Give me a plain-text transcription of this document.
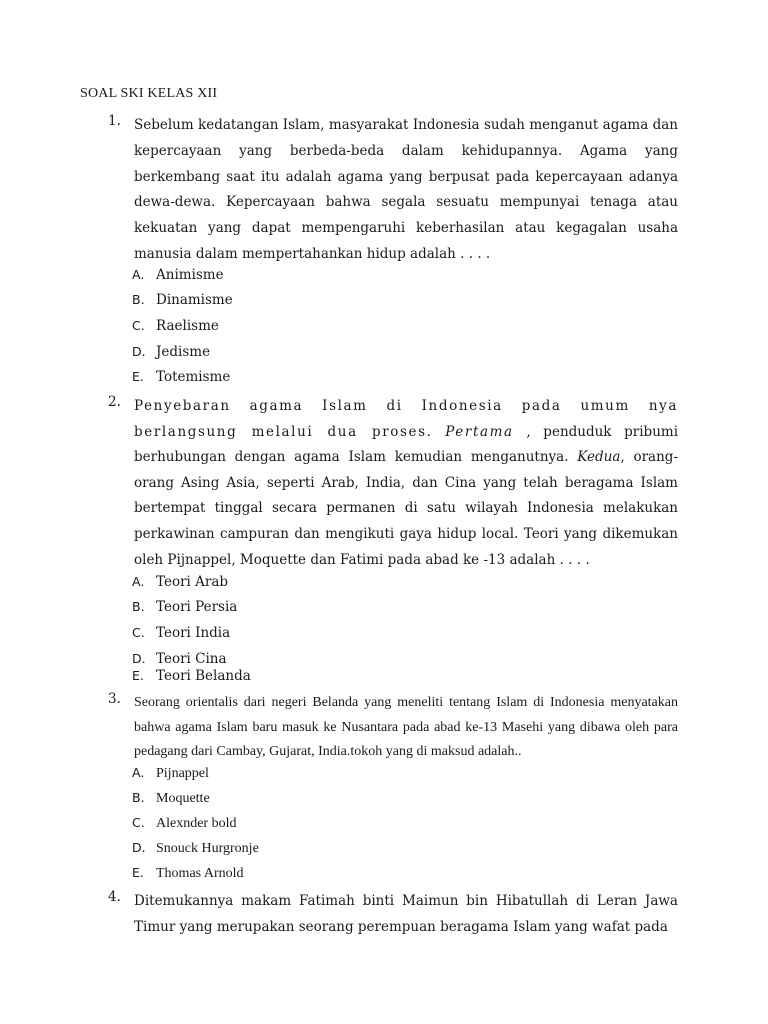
SOAL SKI KELAS XII
1. Sebelum kedatangan Islam, masyarakat Indonesia sudah menganut agama dan kepercayaan yang berbeda-beda dalam kehidupannya. Agama yang berkembang saat itu adalah agama yang berpusat pada kepercayaan adanya dewa-dewa. Kepercayaan bahwa segala sesuatu mempunyai tenaga atau kekuatan yang dapat mempengaruhi keberhasilan atau kegagalan usaha manusia dalam mempertahankan hidup adalah . . . .
A. Animisme
B. Dinamisme
C. Raelisme
D. Jedisme
E. Totemisme
2. Penyebaran agama Islam di Indonesia pada umum nya berlangsung melalui dua proses. Pertama , penduduk pribumi berhubungan dengan agama Islam kemudian menganutnya. Kedua, orang-orang Asing Asia, seperti Arab, India, dan Cina yang telah beragama Islam bertempat tinggal secara permanen di satu wilayah Indonesia melakukan perkawinan campuran dan mengikuti gaya hidup local. Teori yang dikemukan oleh Pijnappel, Moquette dan Fatimi pada abad ke -13 adalah . . . .
A. Teori Arab
B. Teori Persia
C. Teori India
D. Teori Cina
E. Teori Belanda
3. Seorang orientalis dari negeri Belanda yang meneliti tentang Islam di Indonesia menyatakan bahwa agama Islam baru masuk ke Nusantara pada abad ke-13 Masehi yang dibawa oleh para pedagang dari Cambay, Gujarat, India.tokoh yang di maksud adalah..
A. Pijnappel
B. Moquette
C. Alexnder bold
D. Snouck Hurgronje
E. Thomas Arnold
4. Ditemukannya makam Fatimah binti Maimun bin Hibatullah di Leran Jawa Timur yang merupakan seorang perempuan beragama Islam yang wafat pada
